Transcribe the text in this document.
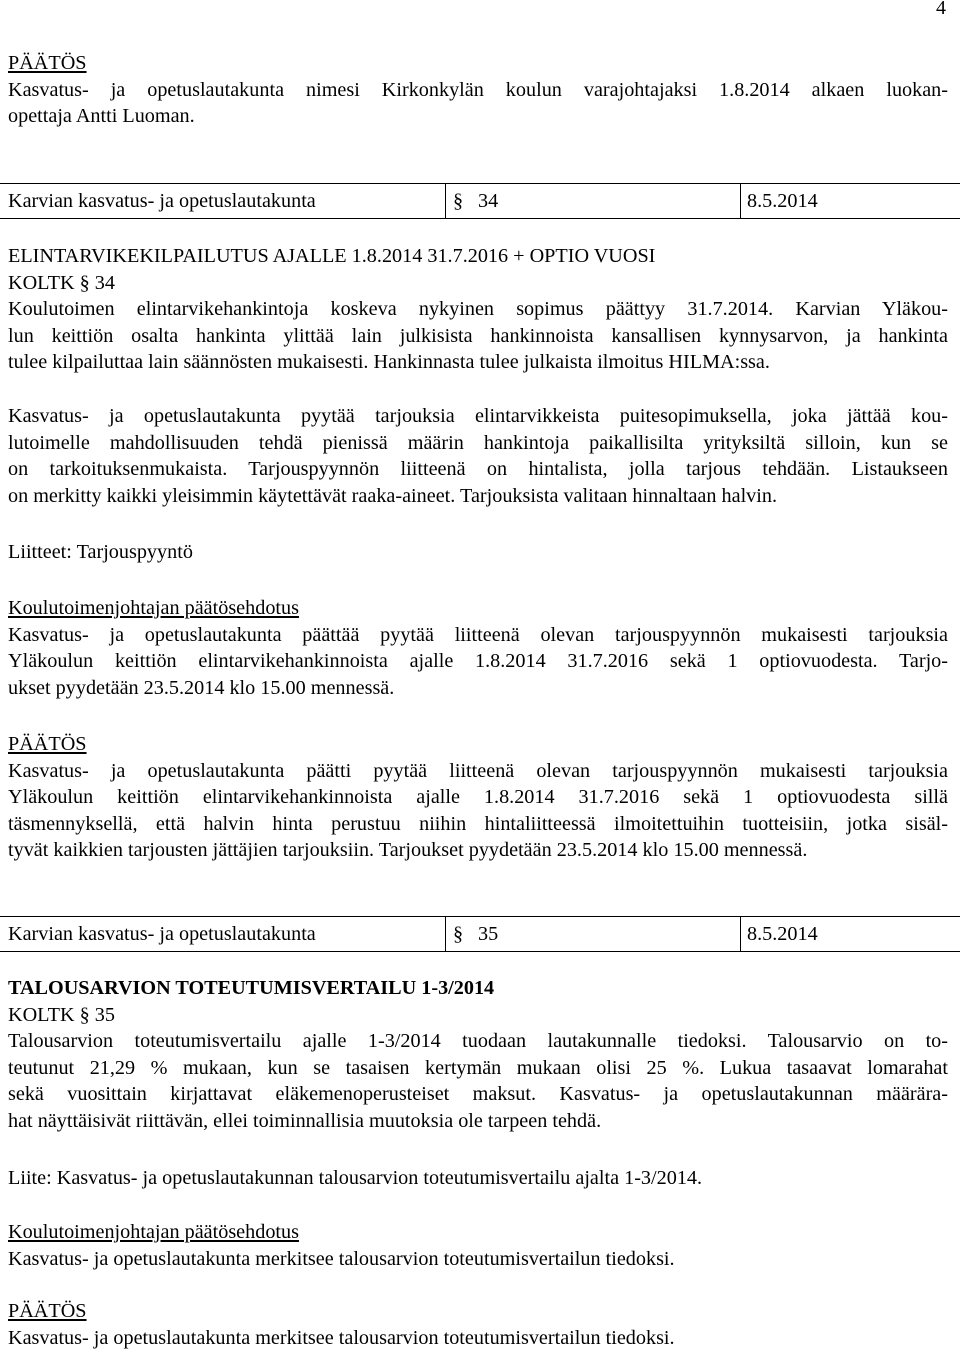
4
PÄÄTÖS
Kasvatus- ja opetuslautakunta nimesi Kirkonkylän koulun varajohtajaksi 1.8.2014 alkaen luokan-
opettaja Antti Luoman.
Karvian kasvatus- ja opetuslautakunta	§ 34	8.5.2014
ELINTARVIKEKILPAILUTUS AJALLE 1.8.2014 31.7.2016 + OPTIO VUOSI
KOLTK § 34
Koulutoimen elintarvikehankintoja koskeva nykyinen sopimus päättyy 31.7.2014. Karvian Yläkou-
lun keittiön osalta hankinta ylittää lain julkisista hankinnoista kansallisen kynnysarvon, ja hankinta
tulee kilpailuttaa lain säännösten mukaisesti. Hankinnasta tulee julkaista ilmoitus HILMA:ssa.
Kasvatus- ja opetuslautakunta pyytää tarjouksia elintarvikkeista puitesopimuksella, joka jättää kou-
lutoimelle mahdollisuuden tehdä pienissä määrin hankintoja paikallisilta yrityksiltä silloin, kun se
on tarkoituksenmukaista. Tarjouspyynnön liitteenä on hintalista, jolla tarjous tehdään. Listaukseen
on merkitty kaikki yleisimmin käytettävät raaka-aineet. Tarjouksista valitaan hinnaltaan halvin.
Liitteet: Tarjouspyyntö
Koulutoimenjohtajan päätösehdotus
Kasvatus- ja opetuslautakunta päättää pyytää liitteenä olevan tarjouspyynnön mukaisesti tarjouksia
Yläkoulun keittiön elintarvikehankinnoista ajalle 1.8.2014 31.7.2016 sekä 1 optiovuodesta. Tarjo-
ukset pyydetään 23.5.2014 klo 15.00 mennessä.
PÄÄTÖS
Kasvatus- ja opetuslautakunta päätti pyytää liitteenä olevan tarjouspyynnön mukaisesti tarjouksia
Yläkoulun keittiön elintarvikehankinnoista ajalle 1.8.2014 31.7.2016 sekä 1 optiovuodesta sillä
täsmennyksellä, että halvin hinta perustuu niihin hintaliitteessä ilmoitettuihin tuotteisiin, jotka sisäl-
tyvät kaikkien tarjousten jättäjien tarjouksiin. Tarjoukset pyydetään 23.5.2014 klo 15.00 mennessä.
Karvian kasvatus- ja opetuslautakunta	§ 35	8.5.2014
TALOUSARVION TOTEUTUMISVERTAILU 1-3/2014
KOLTK § 35
Talousarvion toteutumisvertailu ajalle 1-3/2014 tuodaan lautakunnalle tiedoksi. Talousarvio on to-
teutunut 21,29 % mukaan, kun se tasaisen kertymän mukaan olisi 25 %. Lukua tasaavat lomarahat
sekä vuosittain kirjattavat eläkemenoperusteiset maksut. Kasvatus- ja opetuslautakunnan määrära-
hat näyttäisivät riittävän, ellei toiminnallisia muutoksia ole tarpeen tehdä.
Liite: Kasvatus- ja opetuslautakunnan talousarvion toteutumisvertailu ajalta 1-3/2014.
Koulutoimenjohtajan päätösehdotus
Kasvatus- ja opetuslautakunta merkitsee talousarvion toteutumisvertailun tiedoksi.
PÄÄTÖS
Kasvatus- ja opetuslautakunta merkitsee talousarvion toteutumisvertailun tiedoksi.
